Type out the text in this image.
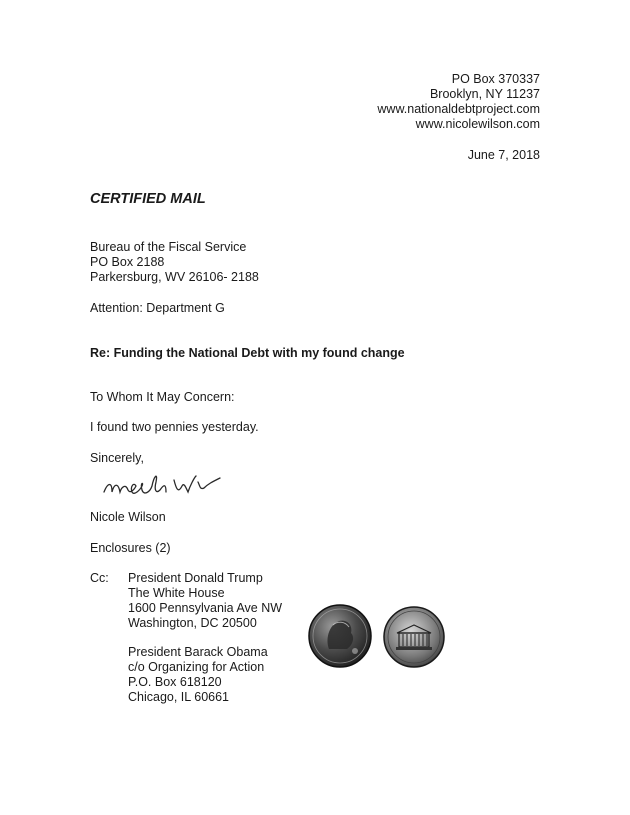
PO Box 370337
Brooklyn, NY 11237
www.nationaldebtproject.com
www.nicolewilson.com
June 7, 2018
CERTIFIED MAIL
Bureau of the Fiscal Service
PO Box 2188
Parkersburg, WV 26106- 2188
Attention: Department G
Re: Funding the National Debt with my found change
To Whom It May Concern:
I found two pennies yesterday.
Sincerely,
Nicole Wilson
Enclosures (2)
Cc: President Donald Trump
The White House
1600 Pennsylvania Ave NW
Washington, DC 20500
President Barack Obama
c/o Organizing for Action
P.O. Box 618120
Chicago, IL 60661
